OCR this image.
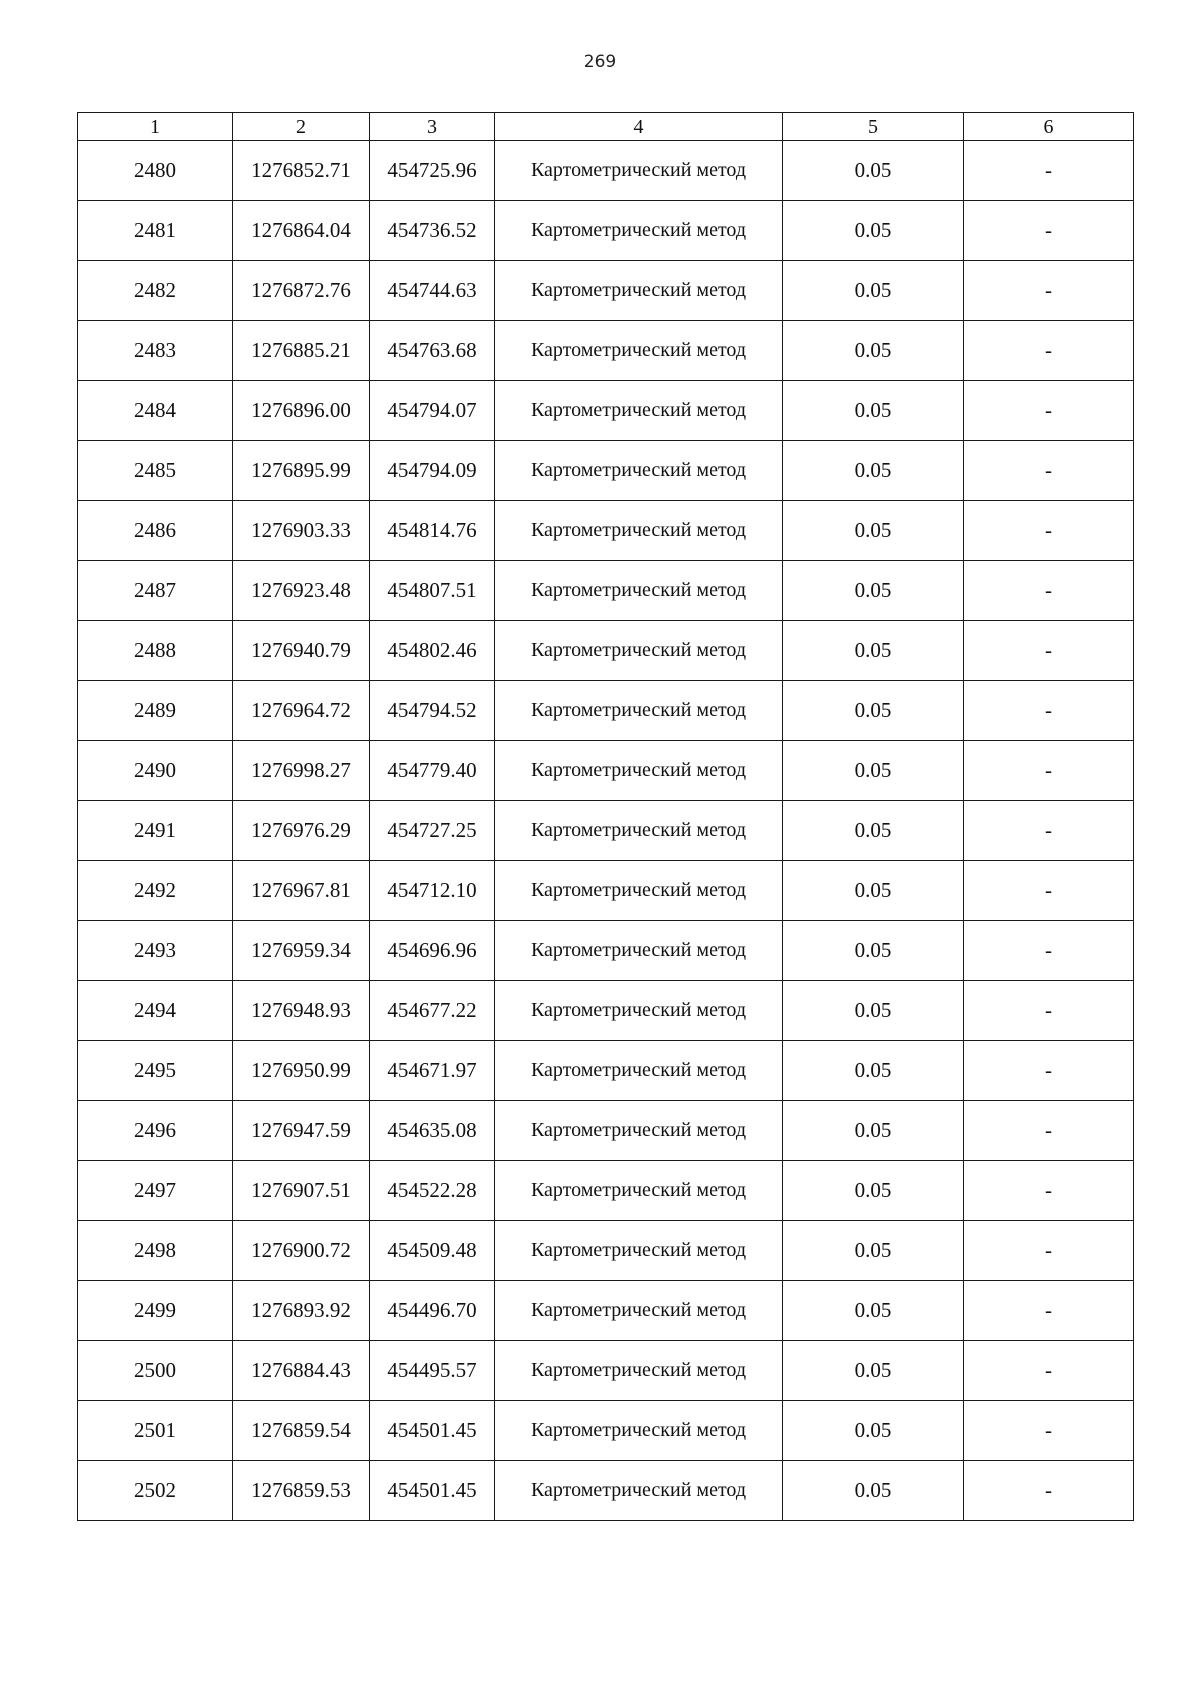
269
1	2	3	4	5	6
2480	1276852.71	454725.96	Картометрический метод	0.05	-
2481	1276864.04	454736.52	Картометрический метод	0.05	-
2482	1276872.76	454744.63	Картометрический метод	0.05	-
2483	1276885.21	454763.68	Картометрический метод	0.05	-
2484	1276896.00	454794.07	Картометрический метод	0.05	-
2485	1276895.99	454794.09	Картометрический метод	0.05	-
2486	1276903.33	454814.76	Картометрический метод	0.05	-
2487	1276923.48	454807.51	Картометрический метод	0.05	-
2488	1276940.79	454802.46	Картометрический метод	0.05	-
2489	1276964.72	454794.52	Картометрический метод	0.05	-
2490	1276998.27	454779.40	Картометрический метод	0.05	-
2491	1276976.29	454727.25	Картометрический метод	0.05	-
2492	1276967.81	454712.10	Картометрический метод	0.05	-
2493	1276959.34	454696.96	Картометрический метод	0.05	-
2494	1276948.93	454677.22	Картометрический метод	0.05	-
2495	1276950.99	454671.97	Картометрический метод	0.05	-
2496	1276947.59	454635.08	Картометрический метод	0.05	-
2497	1276907.51	454522.28	Картометрический метод	0.05	-
2498	1276900.72	454509.48	Картометрический метод	0.05	-
2499	1276893.92	454496.70	Картометрический метод	0.05	-
2500	1276884.43	454495.57	Картометрический метод	0.05	-
2501	1276859.54	454501.45	Картометрический метод	0.05	-
2502	1276859.53	454501.45	Картометрический метод	0.05	-
